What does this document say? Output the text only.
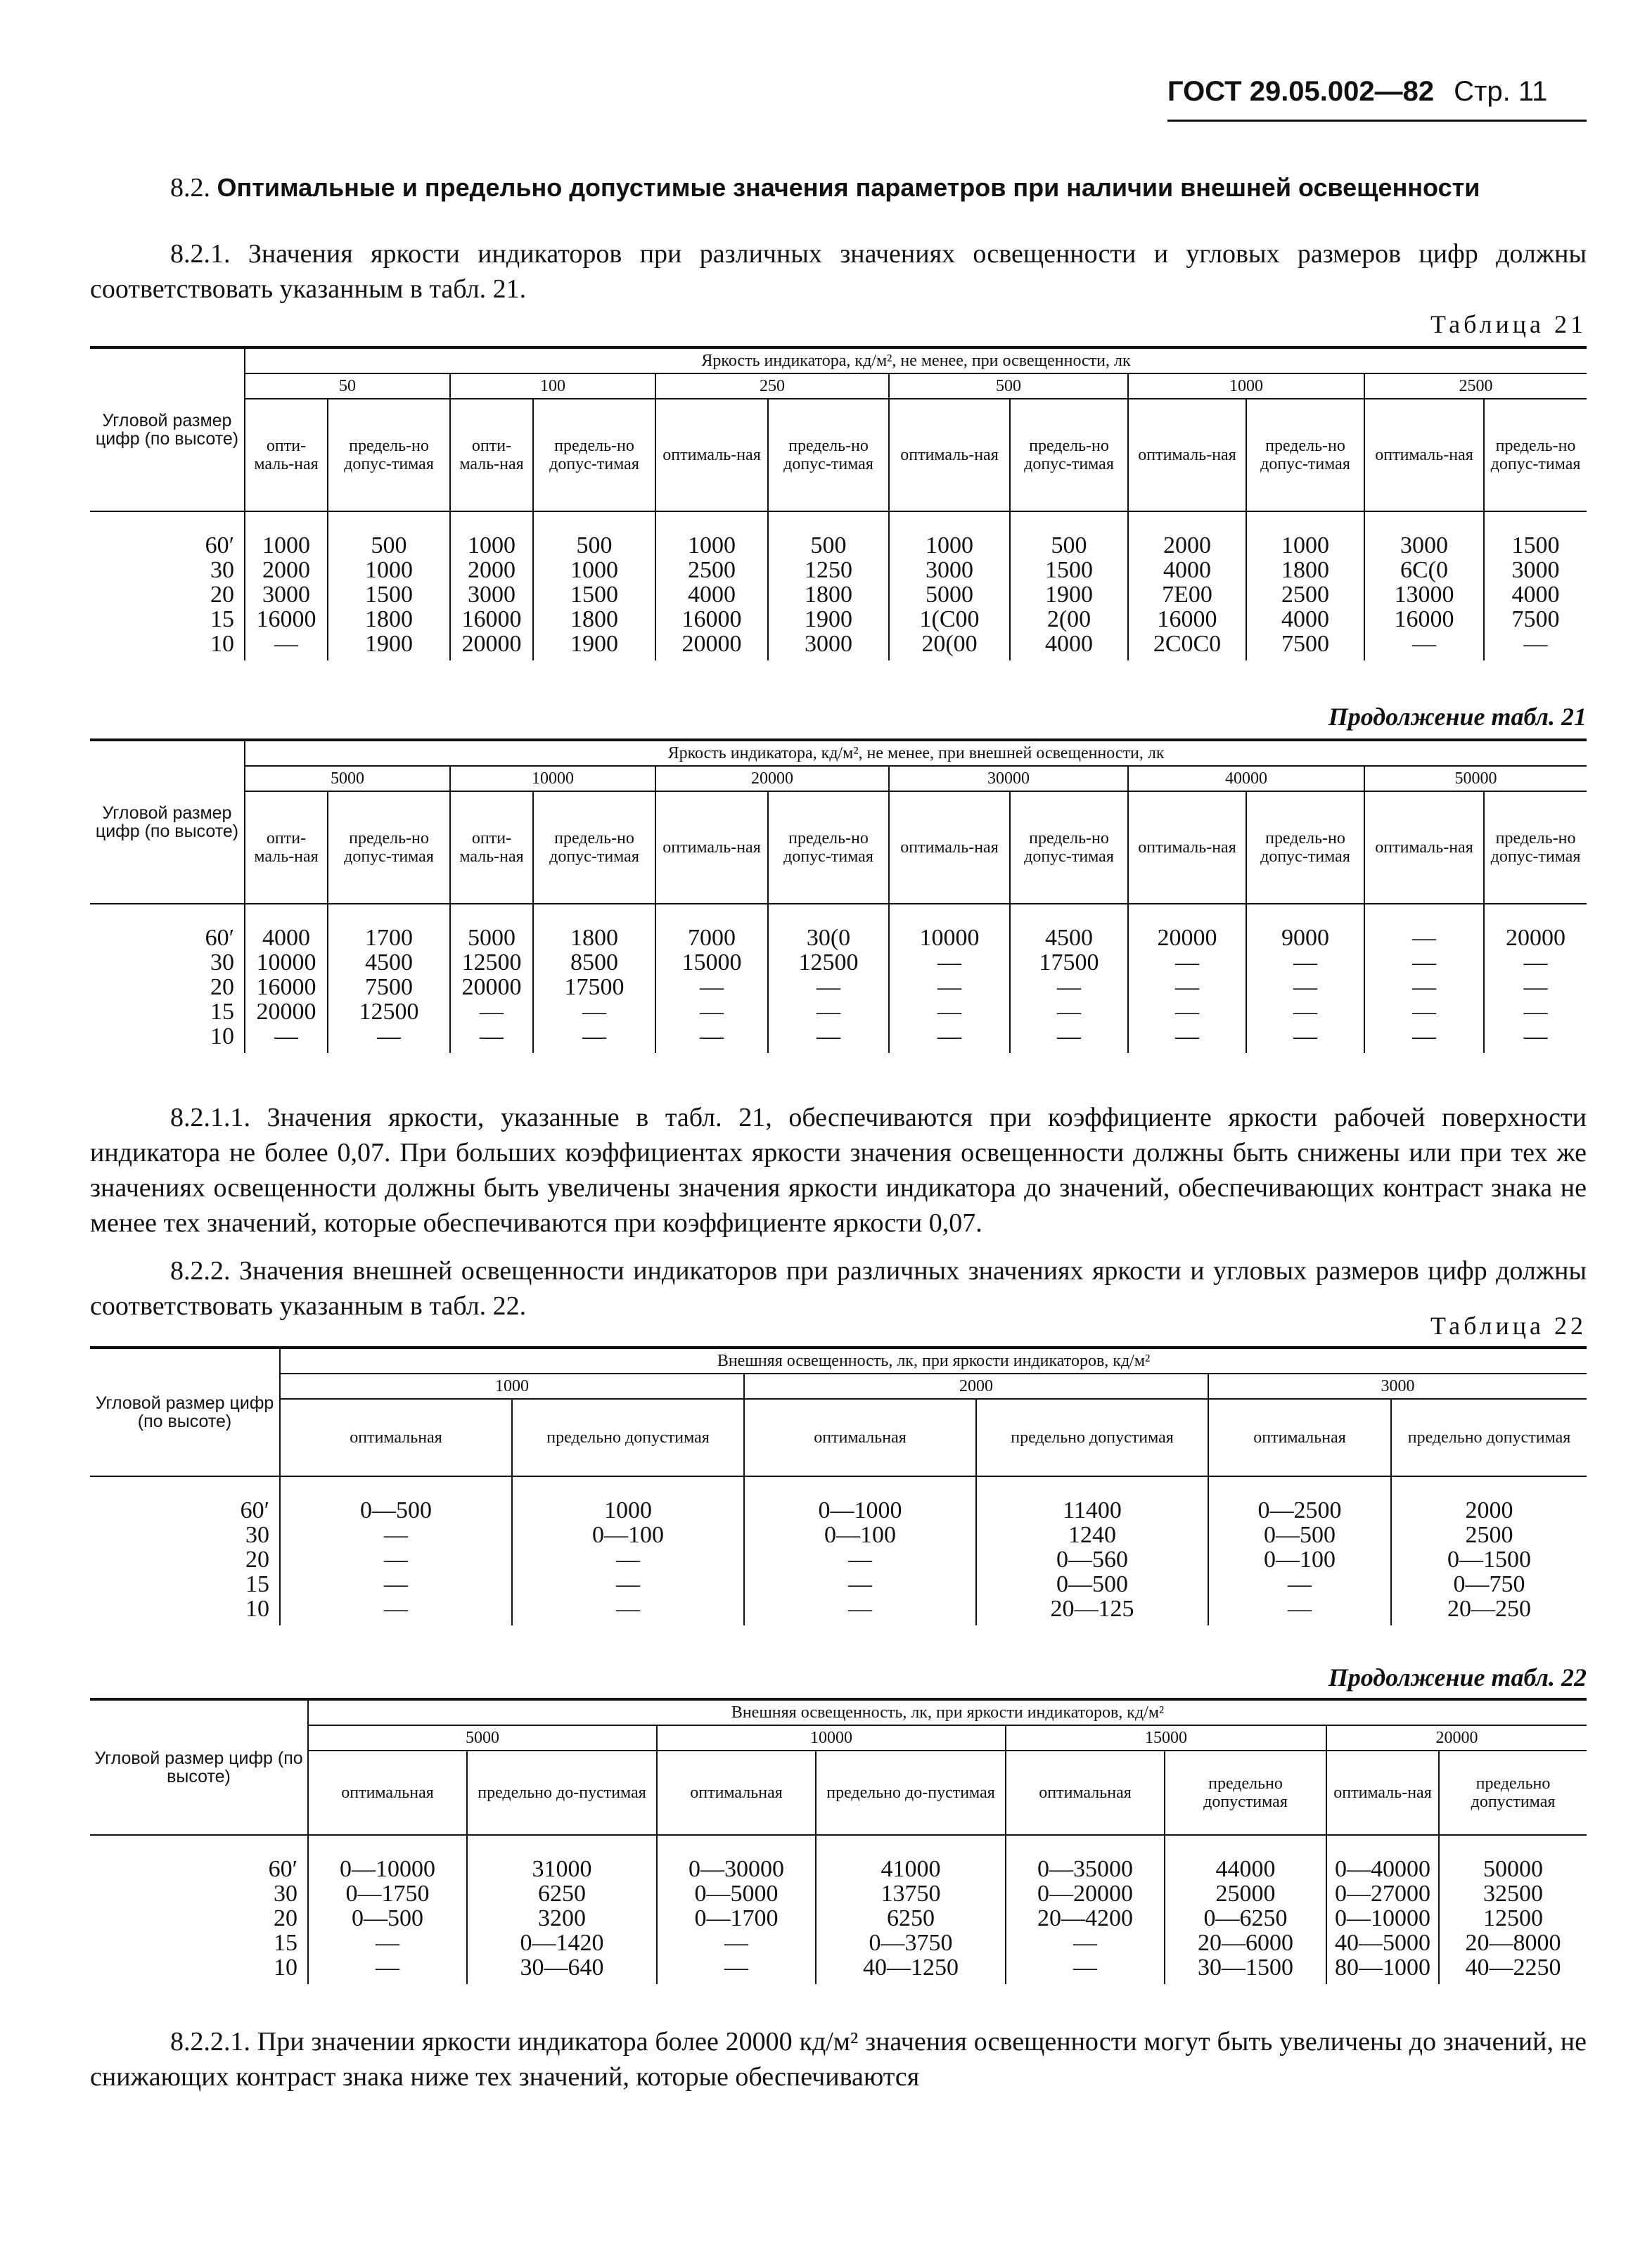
ГОСТ 29.05.002—82 Стр. 11
8.2. Оптимальные и предельно допустимые значения параметров при наличии внешней освещенности
8.2.1. Значения яркости индикаторов при различных значениях освещенности и угловых размеров цифр должны соответствовать указанным в табл. 21.
Таблица 21
Угловой размер цифр (по высоте)	Яркость индикатора, кд/м², не менее, при освещенности, лк											
	50		100		250		500		1000		2500	
	опти-маль-ная	предель-но допус-тимая	опти-маль-ная	предель-но допус-тимая	оптималь-ная	предель-но допус-тимая	оптималь-ная	предель-но допус-тимая	оптималь-ная	предель-но допус-тимая	оптималь-ная	предель-но допус-тимая
60′	1000	500	1000	500	1000	500	1000	500	2000	1000	3000	1500
30	2000	1000	2000	1000	2500	1250	3000	1500	4000	1800	6С(0	3000
20	3000	1500	3000	1500	4000	1800	5000	1900	7Е00	2500	13000	4000
15	16000	1800	16000	1800	16000	1900	1(С00	2(00	16000	4000	16000	7500
10	—	1900	20000	1900	20000	3000	20(00	4000	2С0С0	7500	—	—
Продолжение табл. 21
Угловой размер цифр (по высоте)	Яркость индикатора, кд/м², не менее, при внешней освещенности, лк											
	5000		10000		20000		30000		40000		50000	
	опти-маль-ная	предель-но допус-тимая	опти-маль-ная	предель-но допус-тимая	оптималь-ная	предель-но допус-тимая	оптималь-ная	предель-но допус-тимая	оптималь-ная	предель-но допус-тимая	оптималь-ная	предель-но допус-тимая
60′	4000	1700	5000	1800	7000	30(0	10000	4500	20000	9000	—	20000
30	10000	4500	12500	8500	15000	12500	—	17500	—	—	—	—
20	16000	7500	20000	17500	—	—	—	—	—	—	—	—
15	20000	12500	—	—	—	—	—	—	—	—	—	—
10	—	—	—	—	—	—	—	—	—	—	—	—
8.2.1.1. Значения яркости, указанные в табл. 21, обеспечиваются при коэффициенте яркости рабочей поверхности индикатора не более 0,07. При больших коэффициентах яркости значения освещенности должны быть снижены или при тех же значениях освещенности должны быть увеличены значения яркости индикатора до значений, обеспечивающих контраст знака не менее тех значений, которые обеспечиваются при коэффициенте яркости 0,07.
8.2.2. Значения внешней освещенности индикаторов при различных значениях яркости и угловых размеров цифр должны соответствовать указанным в табл. 22.
Таблица 22
Угловой размер цифр (по высоте)	Внешняя освещенность, лк, при яркости индикаторов, кд/м²					
	1000		2000		3000	
	оптимальная	предельно допустимая	оптимальная	предельно допустимая	оптимальная	предельно допустимая
60′	0—500	1000	0—1000	11400	0—2500	2000
30	—	0—100	0—100	1240	0—500	2500
20	—	—	—	0—560	0—100	0—1500
15	—	—	—	0—500	—	0—750
10	—	—	—	20—125	—	20—250
Продолжение табл. 22
Угловой размер цифр (по высоте)	Внешняя освещенность, лк, при яркости индикаторов, кд/м²							
	5000		10000		15000		20000	
	оптимальная	предельно до-пустимая	оптимальная	предельно до-пустимая	оптимальная	предельно допустимая	оптималь-ная	предельно допустимая
60′	0—10000	31000	0—30000	41000	0—35000	44000	0—40000	50000
30	0—1750	6250	0—5000	13750	0—20000	25000	0—27000	32500
20	0—500	3200	0—1700	6250	20—4200	0—6250	0—10000	12500
15	—	0—1420	—	0—3750	—	20—6000	40—5000	20—8000
10	—	30—640	—	40—1250	—	30—1500	80—1000	40—2250
8.2.2.1. При значении яркости индикатора более 20000 кд/м² значения освещенности могут быть увеличены до значений, не снижающих контраст знака ниже тех значений, которые обеспечиваются
